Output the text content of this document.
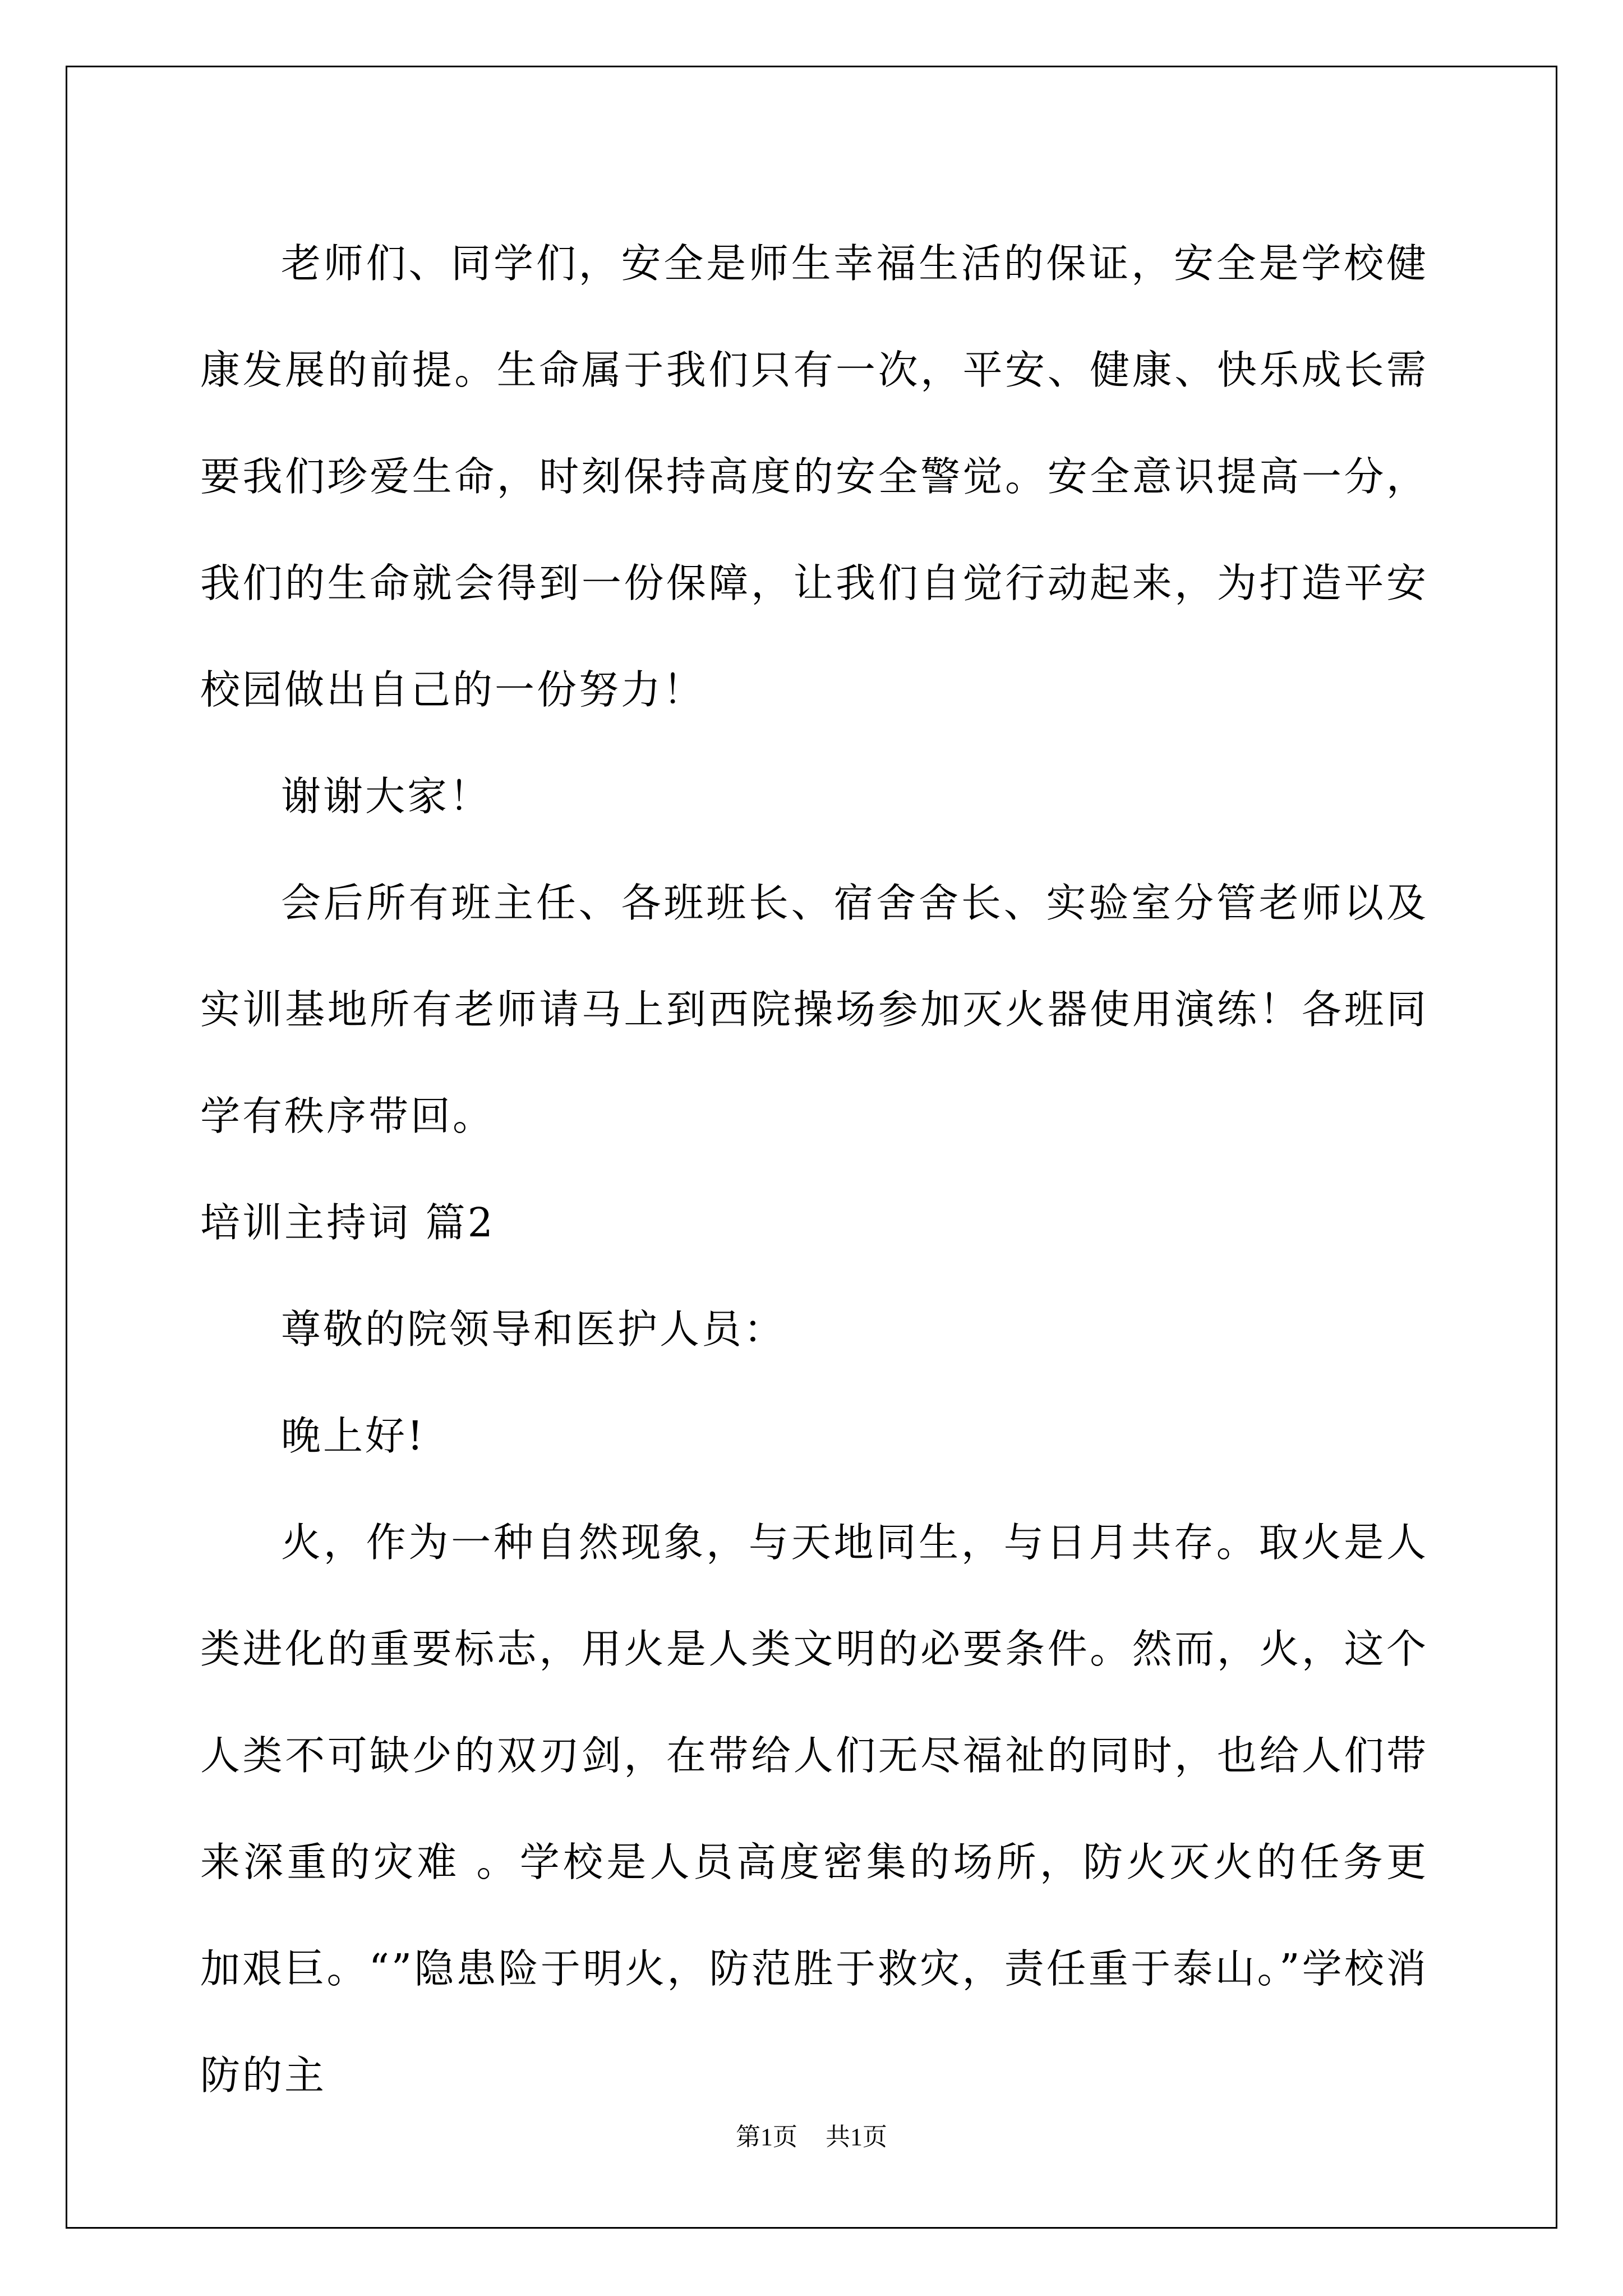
老师们、同学们，安全是师生幸福生活的保证，安全是学校健康发展的前提。生命属于我们只有一次，平安、健康、快乐成长需要我们珍爱生命，时刻保持高度的安全警觉。安全意识提高一分，我们的生命就会得到一份保障，让我们自觉行动起来，为打造平安校园做出自己的一份努力！

谢谢大家！

会后所有班主任、各班班长、宿舍舍长、实验室分管老师以及实训基地所有老师请马上到西院操场参加灭火器使用演练！各班同学有秩序带回。

培训主持词 篇2

尊敬的院领导和医护人员：

晚上好!

火，作为一种自然现象，与天地同生，与日月共存。取火是人类进化的重要标志，用火是人类文明的必要条件。然而，火，这个人类不可缺少的双刃剑，在带给人们无尽福祉的同时，也给人们带来深重的灾难 。学校是人员高度密集的场所，防火灭火的任务更加艰巨。“”隐患险于明火，防范胜于救灾，责任重于泰山。”学校消防的主

第1页 共1页
